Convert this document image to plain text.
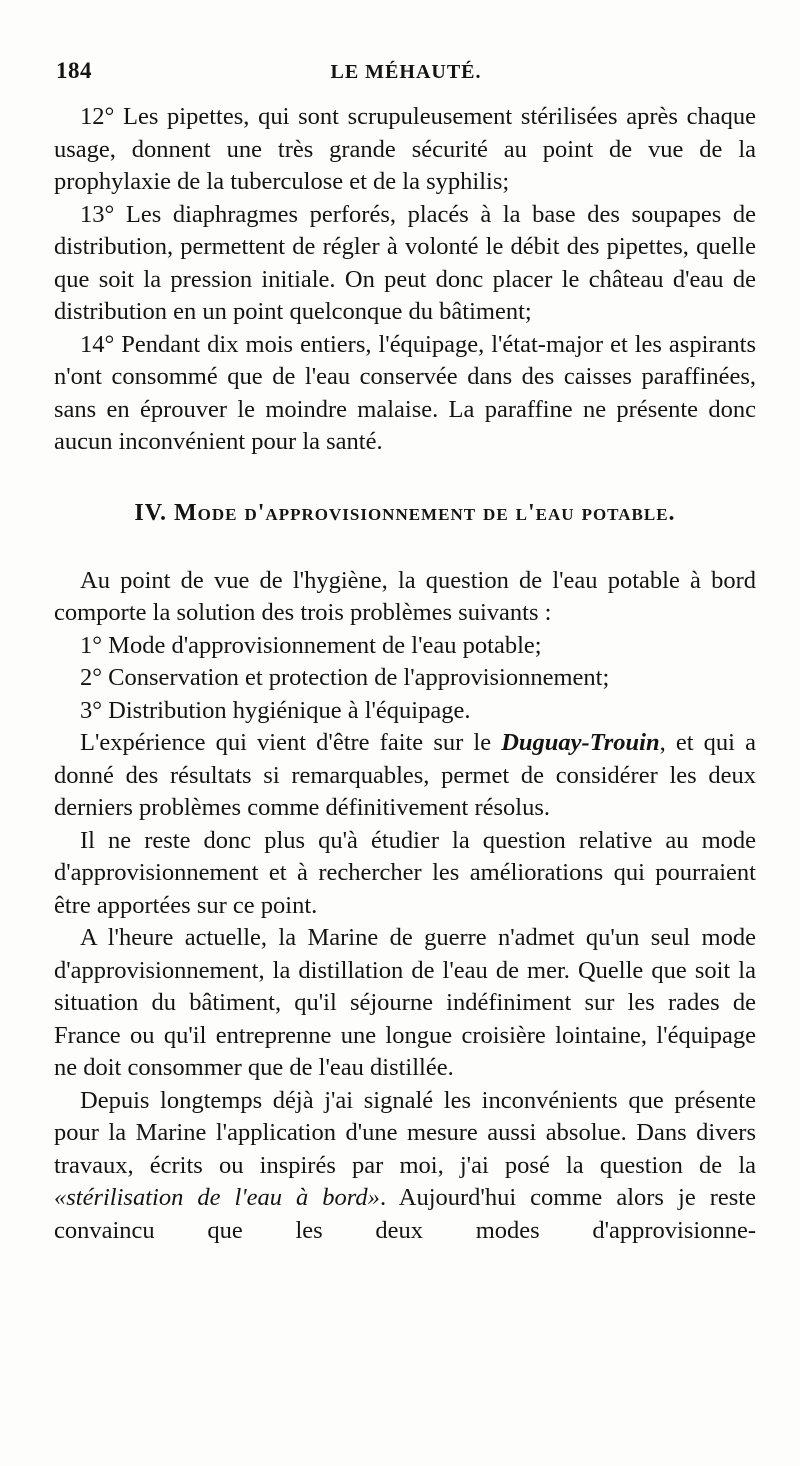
184	LE MÉHAUTÉ.

12° Les pipettes, qui sont scrupuleusement stérilisées après chaque usage, donnent une très grande sécurité au point de vue de la prophylaxie de la tuberculose et de la syphilis;

13° Les diaphragmes perforés, placés à la base des soupapes de distribution, permettent de régler à volonté le débit des pipettes, quelle que soit la pression initiale. On peut donc placer le château d'eau de distribution en un point quelconque du bâtiment;

14° Pendant dix mois entiers, l'équipage, l'état-major et les aspirants n'ont consommé que de l'eau conservée dans des caisses paraffinées, sans en éprouver le moindre malaise. La paraffine ne présente donc aucun inconvénient pour la santé.

IV. Mode d'approvisionnement de l'eau potable.

Au point de vue de l'hygiène, la question de l'eau potable à bord comporte la solution des trois problèmes suivants :

1° Mode d'approvisionnement de l'eau potable;

2° Conservation et protection de l'approvisionnement;

3° Distribution hygiénique à l'équipage.

L'expérience qui vient d'être faite sur le Duguay-Trouin, et qui a donné des résultats si remarquables, permet de considérer les deux derniers problèmes comme définitivement résolus.

Il ne reste donc plus qu'à étudier la question relative au mode d'approvisionnement et à rechercher les améliorations qui pourraient être apportées sur ce point.

A l'heure actuelle, la Marine de guerre n'admet qu'un seul mode d'approvisionnement, la distillation de l'eau de mer. Quelle que soit la situation du bâtiment, qu'il séjourne indéfiniment sur les rades de France ou qu'il entreprenne une longue croisière lointaine, l'équipage ne doit consommer que de l'eau distillée.

Depuis longtemps déjà j'ai signalé les inconvénients que présente pour la Marine l'application d'une mesure aussi absolue. Dans divers travaux, écrits ou inspirés par moi, j'ai posé la question de la «stérilisation de l'eau à bord». Aujourd'hui comme alors je reste convaincu que les deux modes d'approvisionne-
